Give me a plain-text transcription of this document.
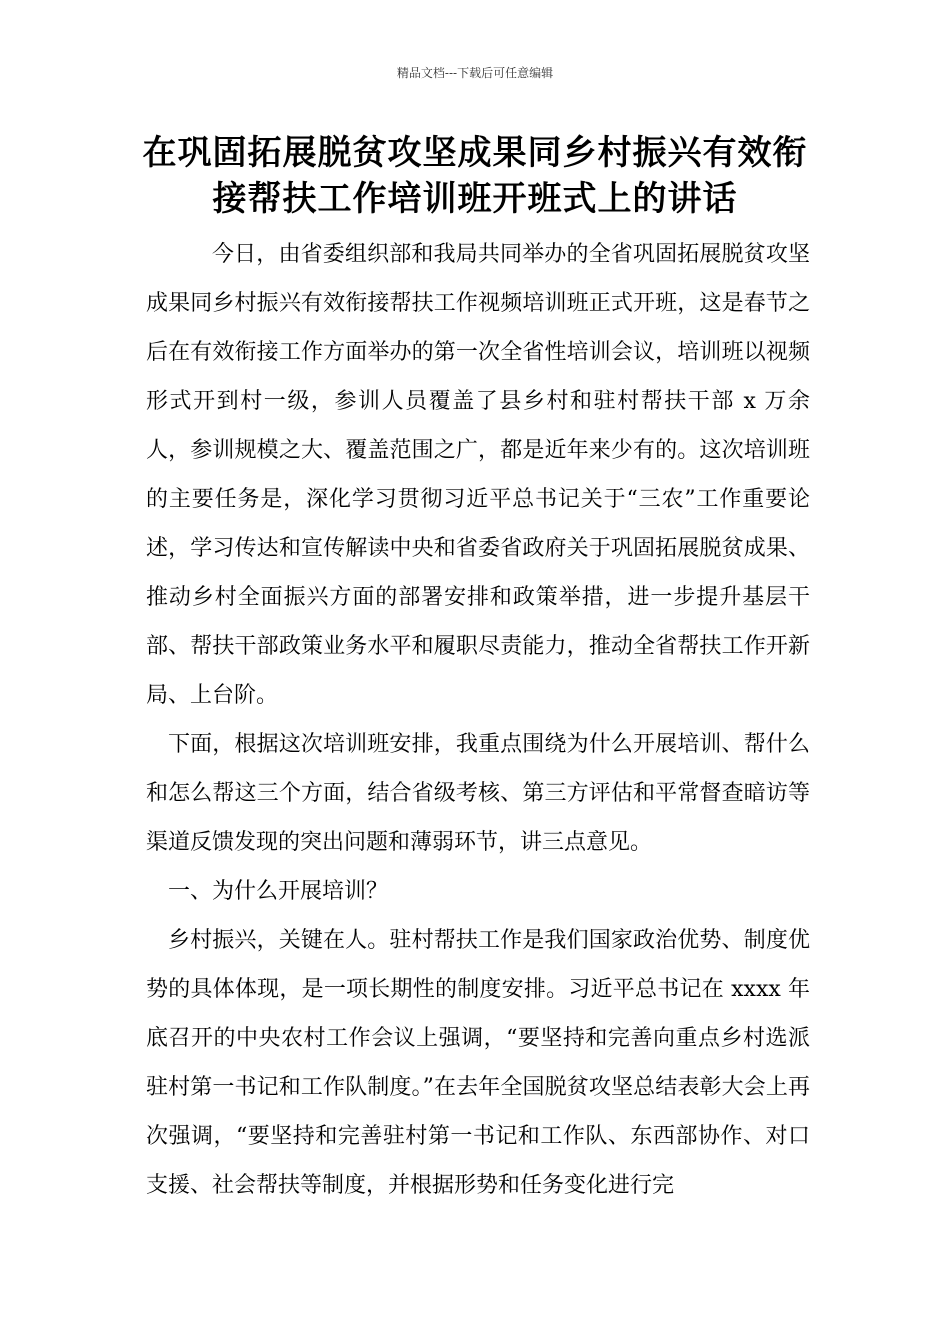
精品文档---下载后可任意编辑
在巩固拓展脱贫攻坚成果同乡村振兴有效衔接帮扶工作培训班开班式上的讲话

今日，由省委组织部和我局共同举办的全省巩固拓展脱贫攻坚成果同乡村振兴有效衔接帮扶工作视频培训班正式开班，这是春节之后在有效衔接工作方面举办的第一次全省性培训会议，培训班以视频形式开到村一级，参训人员覆盖了县乡村和驻村帮扶干部 x 万余人，参训规模之大、覆盖范围之广，都是近年来少有的。这次培训班的主要任务是，深化学习贯彻习近平总书记关于“三农”工作重要论述，学习传达和宣传解读中央和省委省政府关于巩固拓展脱贫成果、推动乡村全面振兴方面的部署安排和政策举措，进一步提升基层干部、帮扶干部政策业务水平和履职尽责能力，推动全省帮扶工作开新局、上台阶。

下面，根据这次培训班安排，我重点围绕为什么开展培训、帮什么和怎么帮这三个方面，结合省级考核、第三方评估和平常督查暗访等渠道反馈发现的突出问题和薄弱环节，讲三点意见。

一、为什么开展培训？

乡村振兴，关键在人。驻村帮扶工作是我们国家政治优势、制度优势的具体体现，是一项长期性的制度安排。习近平总书记在 xxxx 年底召开的中央农村工作会议上强调，“要坚持和完善向重点乡村选派驻村第一书记和工作队制度。”在去年全国脱贫攻坚总结表彰大会上再次强调，“要坚持和完善驻村第一书记和工作队、东西部协作、对口支援、社会帮扶等制度，并根据形势和任务变化进行完
